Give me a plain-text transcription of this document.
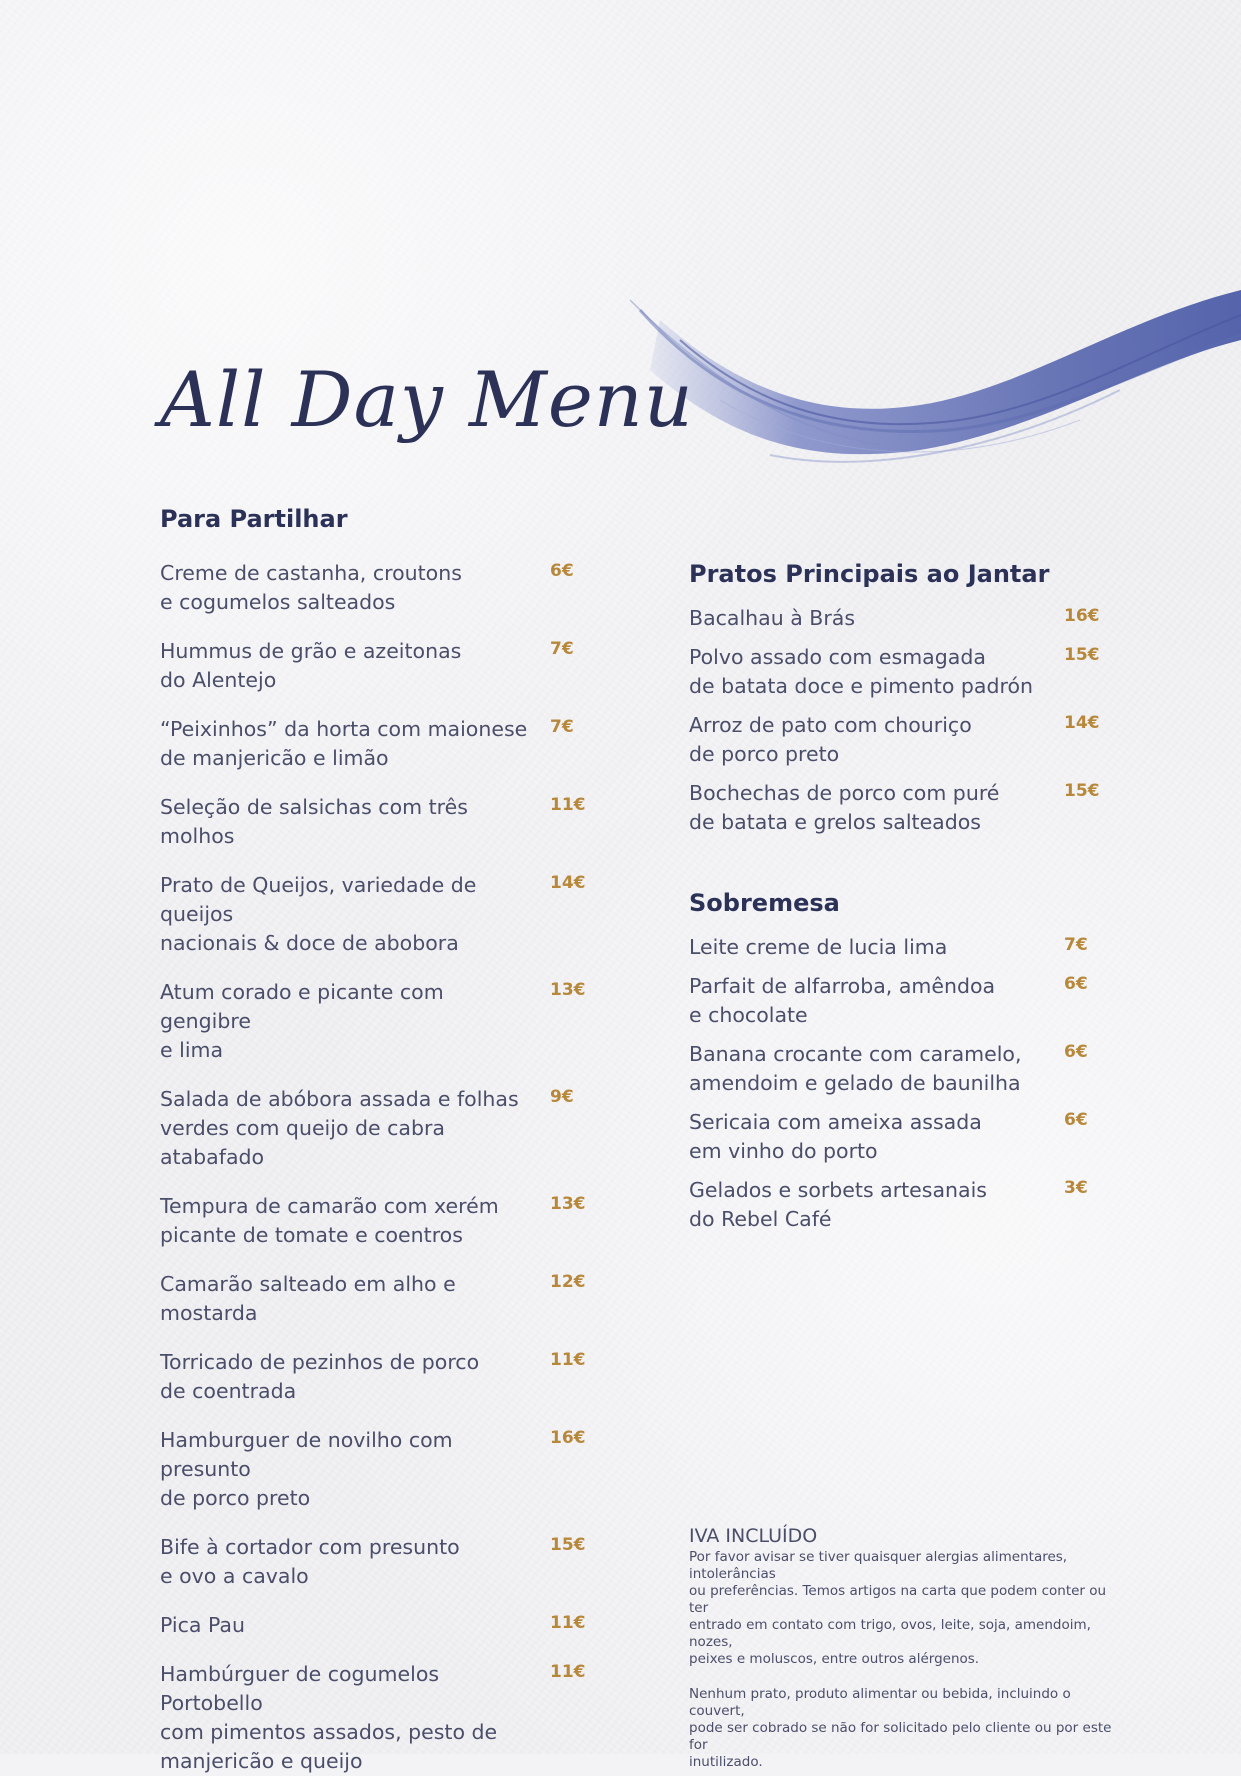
All Day Menu
Para Partilhar
Creme de castanha, croutons
e cogumelos salteados
6€
Hummus de grão e azeitonas
do Alentejo
7€
“Peixinhos” da horta com maionese
de manjericão e limão
7€
Seleção de salsichas com três molhos
11€
Prato de Queijos, variedade de queijos
nacionais & doce de abobora
14€
Atum corado e picante com gengibre
e lima
13€
Salada de abóbora assada e folhas
verdes com queijo de cabra atabafado
9€
Tempura de camarão com xerém
picante de tomate e coentros
13€
Camarão salteado em alho e mostarda
12€
Torricado de pezinhos de porco
de coentrada
11€
Hamburguer de novilho com presunto
de porco preto
16€
Bife à cortador com presunto
e ovo a cavalo
15€
Pica Pau	11€
Hambúrguer de cogumelos Portobello
com pimentos assados, pesto de
manjericão e queijo
11€
Pratos Principais ao Jantar
Bacalhau à Brás	16€
Polvo assado com esmagada
de batata doce e pimento padrón
15€
Arroz de pato com chouriço
de porco preto
14€
Bochechas de porco com puré
de batata e grelos salteados
15€
Sobremesa
Leite creme de lucia lima	7€
Parfait de alfarroba, amêndoa
e chocolate
6€
Banana crocante com caramelo,
amendoim e gelado de baunilha
6€
Sericaia com ameixa assada
em vinho do porto
6€
Gelados e sorbets artesanais
do Rebel Café
3€
IVA INCLUÍDO
Por favor avisar se tiver quaisquer alergias alimentares, intolerâncias
ou preferências. Temos artigos na carta que podem conter ou ter
entrado em contato com trigo, ovos, leite, soja, amendoim, nozes,
peixes e moluscos, entre outros alérgenos.
Nenhum prato, produto alimentar ou bebida, incluindo o couvert,
pode ser cobrado se não for solicitado pelo cliente ou por este for
inutilizado.
